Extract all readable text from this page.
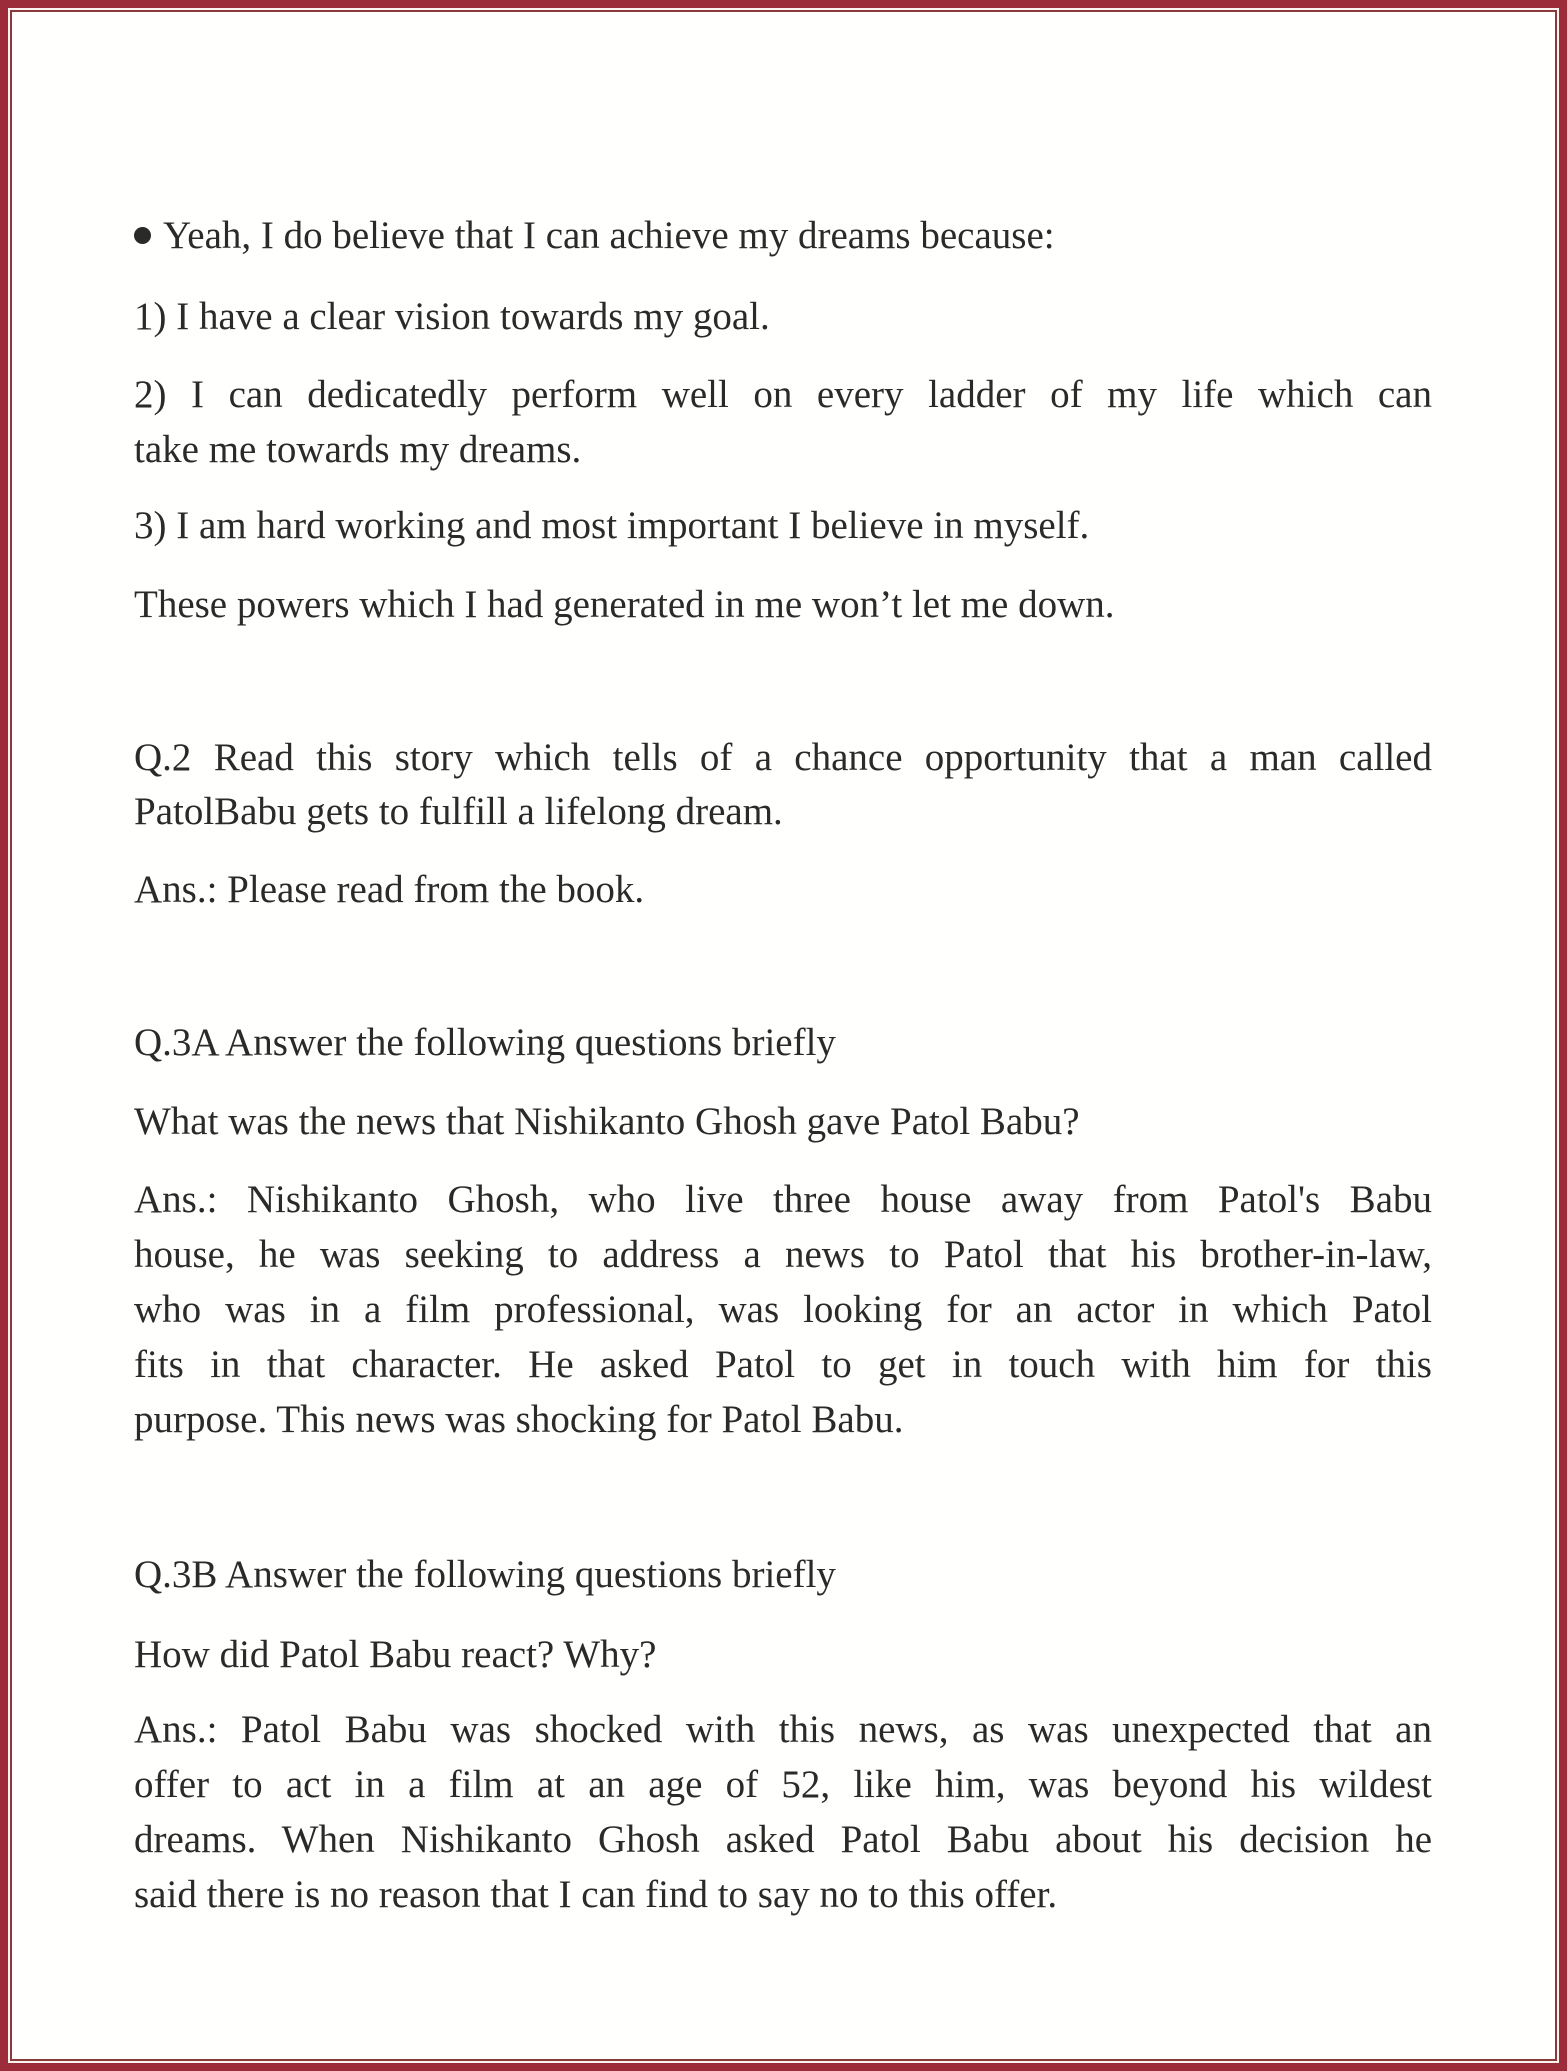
Yeah, I do believe that I can achieve my dreams because:
1) I have a clear vision towards my goal.
2) I can dedicatedly perform well on every ladder of my life which can
take me towards my dreams.
3) I am hard working and most important I believe in myself.
These powers which I had generated in me won’t let me down.
Q.2 Read this story which tells of a chance opportunity that a man called
PatolBabu gets to fulfill a lifelong dream.
Ans.: Please read from the book.
Q.3A Answer the following questions briefly
What was the news that Nishikanto Ghosh gave Patol Babu?
Ans.: Nishikanto Ghosh, who live three house away from Patol's Babu
house, he was seeking to address a news to Patol that his brother-in-law,
who was in a film professional, was looking for an actor in which Patol
fits in that character. He asked Patol to get in touch with him for this
purpose. This news was shocking for Patol Babu.
Q.3B Answer the following questions briefly
How did Patol Babu react? Why?
Ans.: Patol Babu was shocked with this news, as was unexpected that an
offer to act in a film at an age of 52, like him, was beyond his wildest
dreams. When Nishikanto Ghosh asked Patol Babu about his decision he
said there is no reason that I can find to say no to this offer.
